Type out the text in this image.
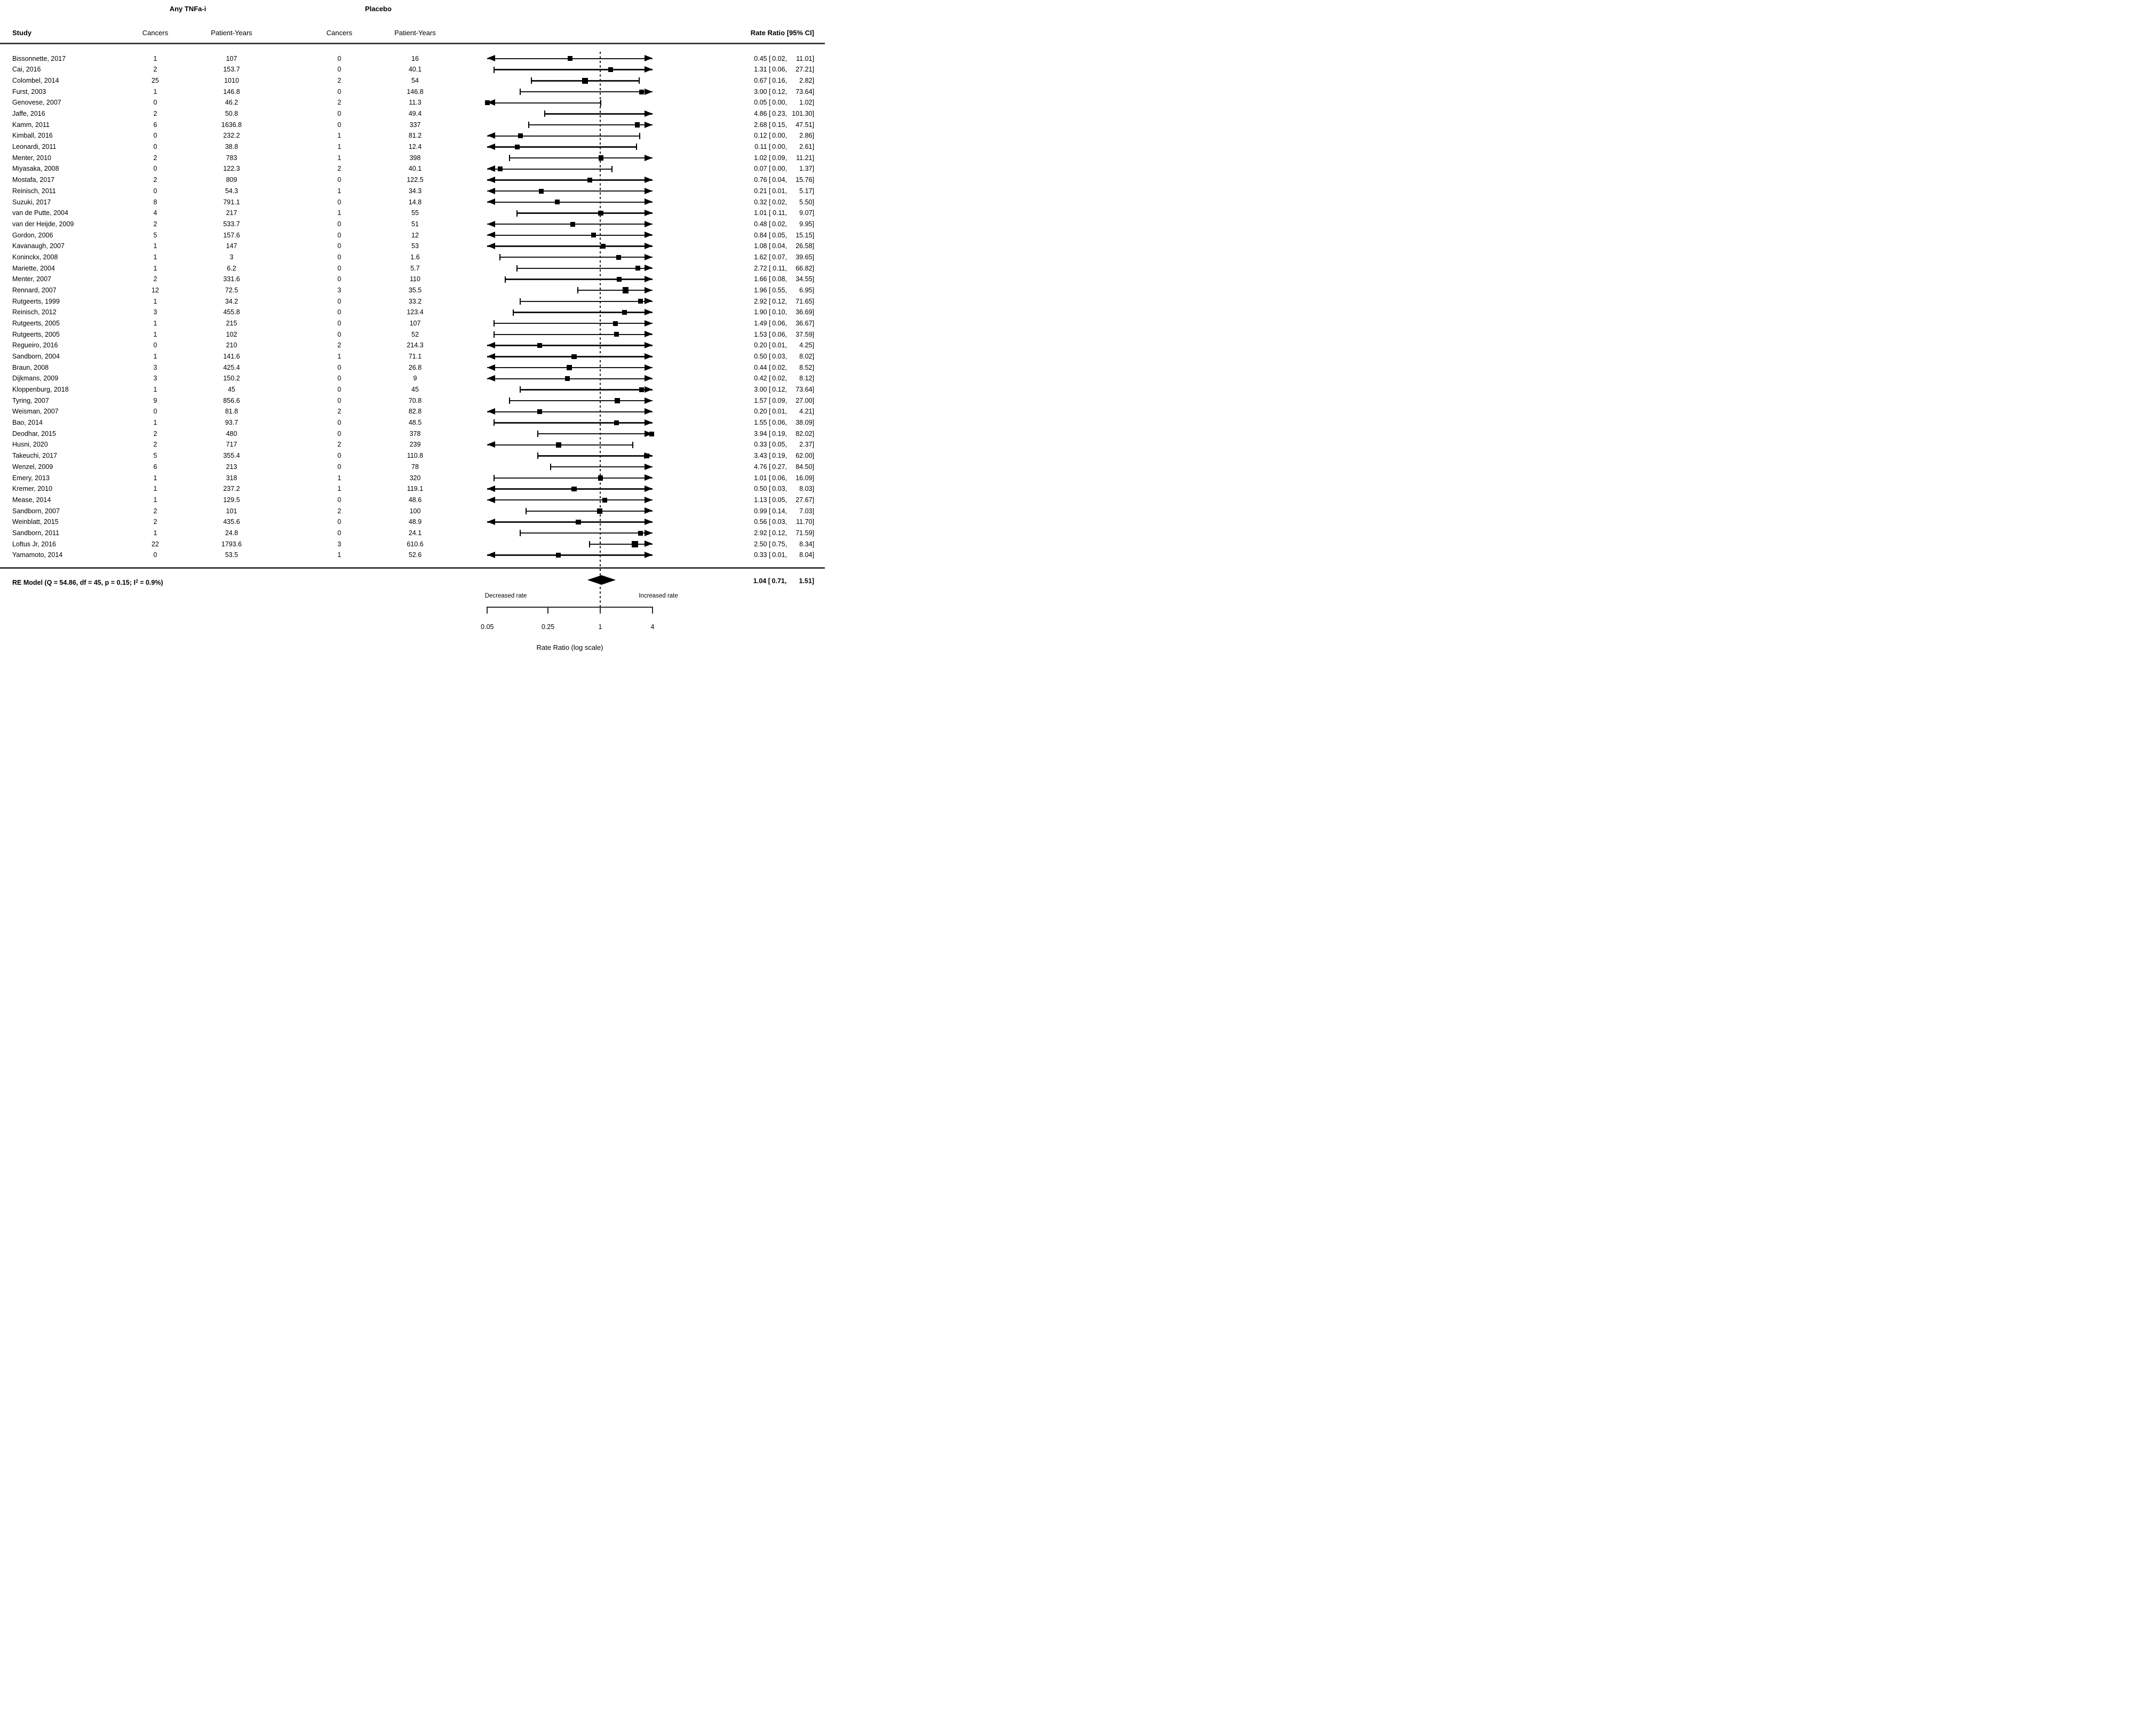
Any TNFa-i	Placebo
Study	Cancers	Patient-Years	Cancers	Patient-Years	Rate Ratio [95% CI]
Bissonnette, 2017	1	107	0	16	0.45 [ 0.02, 11.01]
Cai, 2016	2	153.7	0	40.1	1.31 [ 0.06, 27.21]
Colombel, 2014	25	1010	2	54	0.67 [ 0.16, 2.82]
Furst, 2003	1	146.8	0	146.8	3.00 [ 0.12, 73.64]
Genovese, 2007	0	46.2	2	11.3	0.05 [ 0.00, 1.02]
Jaffe, 2016	2	50.8	0	49.4	4.86 [ 0.23, 101.30]
Kamm, 2011	6	1636.8	0	337	2.68 [ 0.15, 47.51]
Kimball, 2016	0	232.2	1	81.2	0.12 [ 0.00, 2.86]
Leonardi, 2011	0	38.8	1	12.4	0.11 [ 0.00, 2.61]
Menter, 2010	2	783	1	398	1.02 [ 0.09, 11.21]
Miyasaka, 2008	0	122.3	2	40.1	0.07 [ 0.00, 1.37]
Mostafa, 2017	2	809	0	122.5	0.76 [ 0.04, 15.76]
Reinisch, 2011	0	54.3	1	34.3	0.21 [ 0.01, 5.17]
Suzuki, 2017	8	791.1	0	14.8	0.32 [ 0.02, 5.50]
van de Putte, 2004	4	217	1	55	1.01 [ 0.11, 9.07]
van der Heijde, 2009	2	533.7	0	51	0.48 [ 0.02, 9.95]
Gordon, 2006	5	157.6	0	12	0.84 [ 0.05, 15.15]
Kavanaugh, 2007	1	147	0	53	1.08 [ 0.04, 26.58]
Koninckx, 2008	1	3	0	1.6	1.62 [ 0.07, 39.65]
Mariette, 2004	1	6.2	0	5.7	2.72 [ 0.11, 66.82]
Menter, 2007	2	331.6	0	110	1.66 [ 0.08, 34.55]
Rennard, 2007	12	72.5	3	35.5	1.96 [ 0.55, 6.95]
Rutgeerts, 1999	1	34.2	0	33.2	2.92 [ 0.12, 71.65]
Reinisch, 2012	3	455.8	0	123.4	1.90 [ 0.10, 36.69]
Rutgeerts, 2005	1	215	0	107	1.49 [ 0.06, 36.67]
Rutgeerts, 2005	1	102	0	52	1.53 [ 0.06, 37.59]
Regueiro, 2016	0	210	2	214.3	0.20 [ 0.01, 4.25]
Sandborn, 2004	1	141.6	1	71.1	0.50 [ 0.03, 8.02]
Braun, 2008	3	425.4	0	26.8	0.44 [ 0.02, 8.52]
Dijkmans, 2009	3	150.2	0	9	0.42 [ 0.02, 8.12]
Kloppenburg, 2018	1	45	0	45	3.00 [ 0.12, 73.64]
Tyring, 2007	9	856.6	0	70.8	1.57 [ 0.09, 27.00]
Weisman, 2007	0	81.8	2	82.8	0.20 [ 0.01, 4.21]
Bao, 2014	1	93.7	0	48.5	1.55 [ 0.06, 38.09]
Deodhar, 2015	2	480	0	378	3.94 [ 0.19, 82.02]
Husni, 2020	2	717	2	239	0.33 [ 0.05, 2.37]
Takeuchi, 2017	5	355.4	0	110.8	3.43 [ 0.19, 62.00]
Wenzel, 2009	6	213	0	78	4.76 [ 0.27, 84.50]
Emery, 2013	1	318	1	320	1.01 [ 0.06, 16.09]
Kremer, 2010	1	237.2	1	119.1	0.50 [ 0.03, 8.03]
Mease, 2014	1	129.5	0	48.6	1.13 [ 0.05, 27.67]
Sandborn, 2007	2	101	2	100	0.99 [ 0.14, 7.03]
Weinblatt, 2015	2	435.6	0	48.9	0.56 [ 0.03, 11.70]
Sandborn, 2011	1	24.8	0	24.1	2.92 [ 0.12, 71.59]
Loftus Jr, 2016	22	1793.6	3	610.6	2.50 [ 0.75, 8.34]
Yamamoto, 2014	0	53.5	1	52.6	0.33 [ 0.01, 8.04]
RE Model (Q = 54.86, df = 45, p = 0.15; $I^2 = 0.9\%$)	1.04 [ 0.71, 1.51]
Decreased rate	Increased rate
0.05	0.25	1	4
Rate Ratio (log scale)
